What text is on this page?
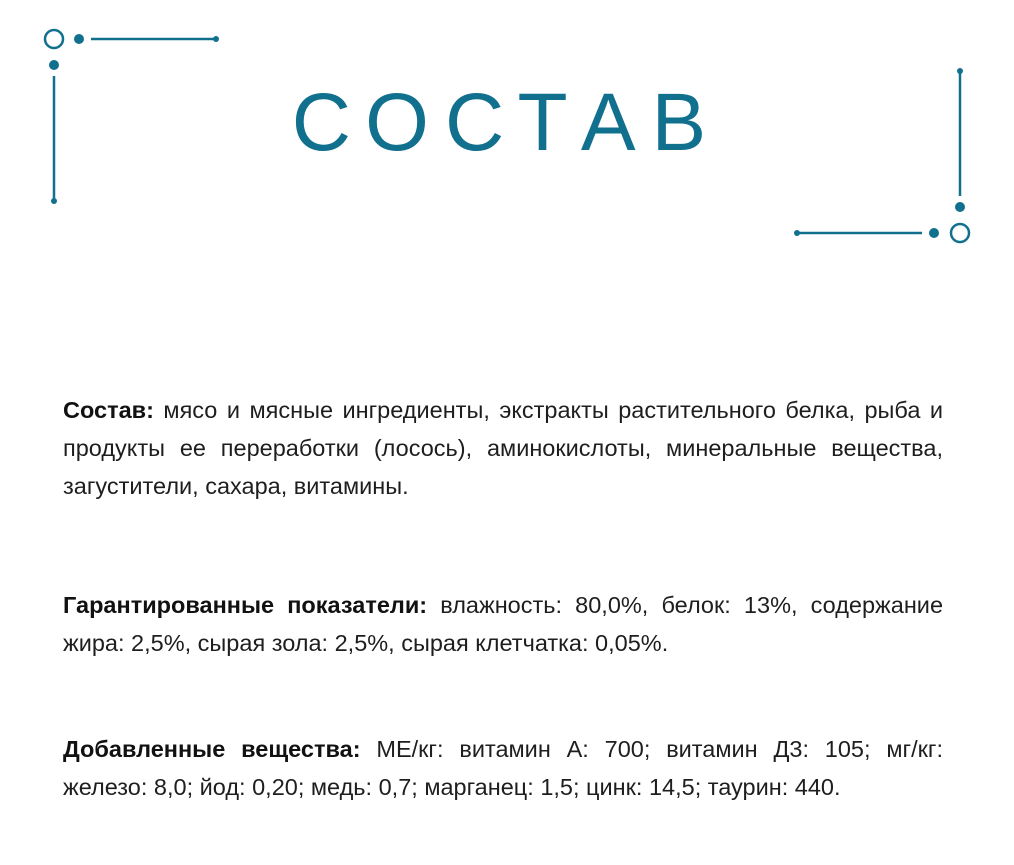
СОСТАВ
Состав: мясо и мясные ингредиенты, экстракты растительного белка, рыба и продукты ее переработки (лосось), аминокислоты, минеральные вещества, загустители, сахара, витамины.
Гарантированные показатели: влажность: 80,0%, белок: 13%, содержание жира: 2,5%, сырая зола: 2,5%, сырая клетчатка: 0,05%.
Добавленные вещества: МЕ/кг: витамин А: 700; витамин Д3: 105; мг/кг: железо: 8,0; йод: 0,20; медь: 0,7; марганец: 1,5; цинк: 14,5; таурин: 440.
